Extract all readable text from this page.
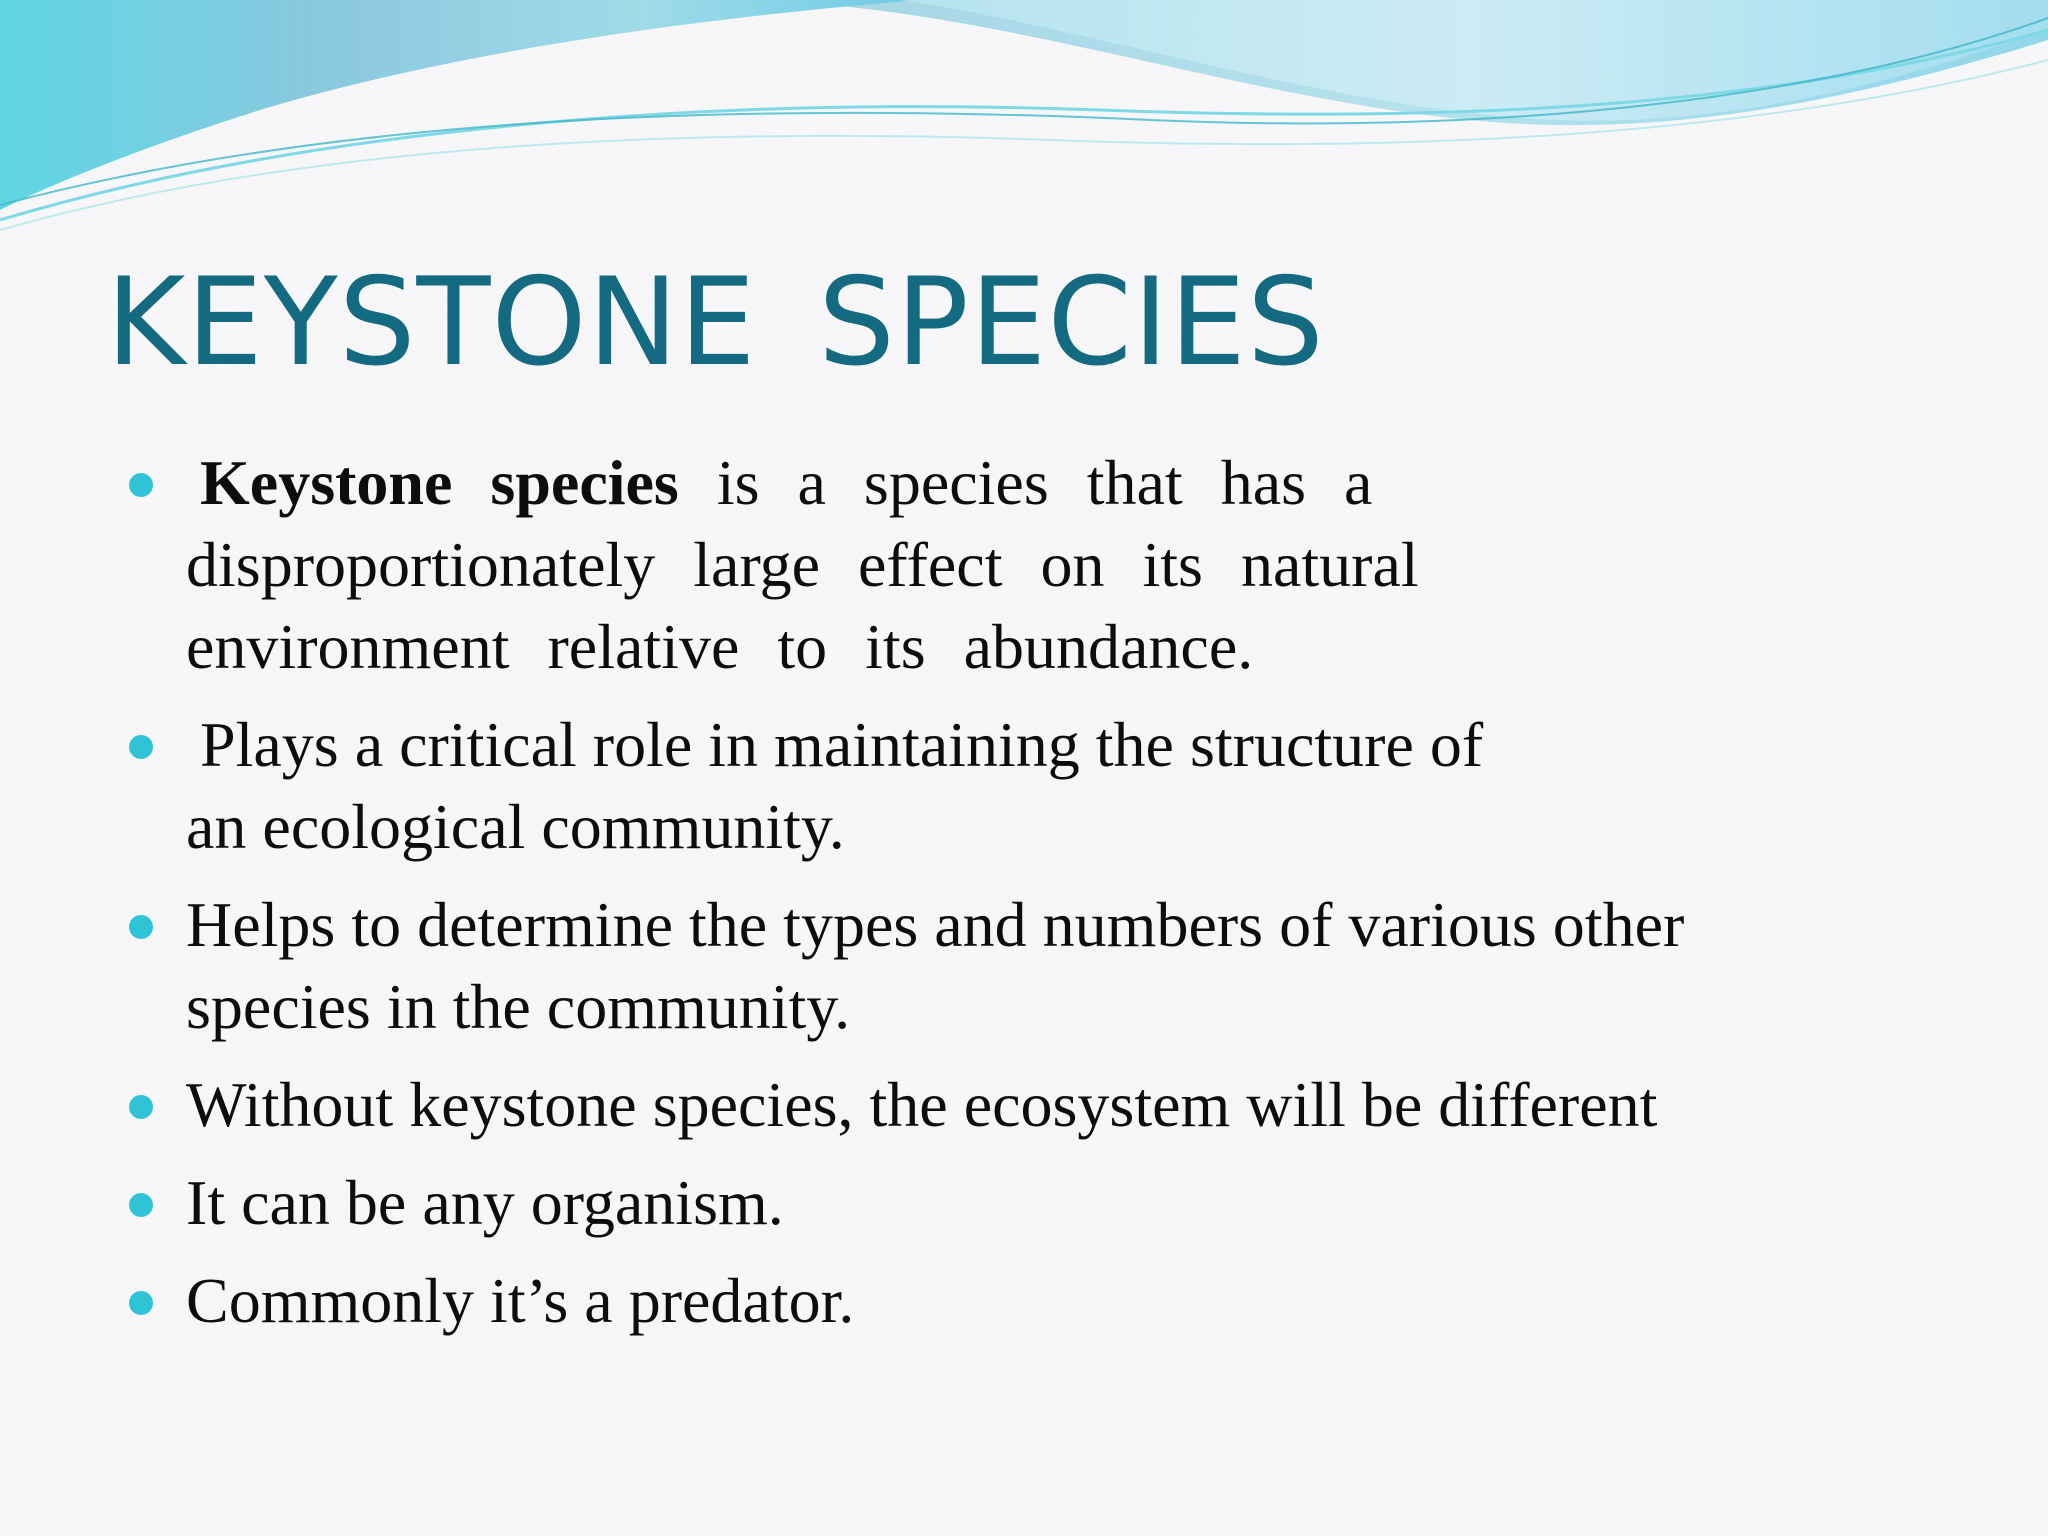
KEYSTONE SPECIES
Keystone species is a species that has a
disproportionately large effect on its natural
environment relative to its abundance.
Plays a critical role in maintaining the structure of
an ecological community.
Helps to determine the types and numbers of various other
species in the community.
Without keystone species, the ecosystem will be different
It can be any organism.
Commonly it’s a predator.
